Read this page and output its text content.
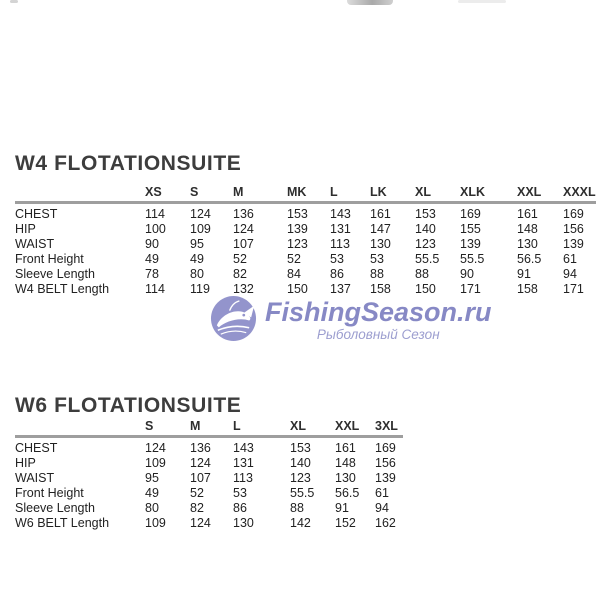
W4 FLOTATIONSUITE
	XS	S	M	MK	L	LK	XL	XLK	XXL	XXXL
CHEST	114	124	136	153	143	161	153	169	161	169
HIP	100	109	124	139	131	147	140	155	148	156
WAIST	90	95	107	123	113	130	123	139	130	139
Front Height	49	49	52	52	53	53	55.5	55.5	56.5	61
Sleeve Length	78	80	82	84	86	88	88	90	91	94
W4 BELT Length	114	119	132	150	137	158	150	171	158	171
FishingSeason.ru
Рыболовный Сезон
W6 FLOTATIONSUITE
	S	M	L	XL	XXL	3XL
CHEST	124	136	143	153	161	169
HIP	109	124	131	140	148	156
WAIST	95	107	113	123	130	139
Front Height	49	52	53	55.5	56.5	61
Sleeve Length	80	82	86	88	91	94
W6 BELT Length	109	124	130	142	152	162
